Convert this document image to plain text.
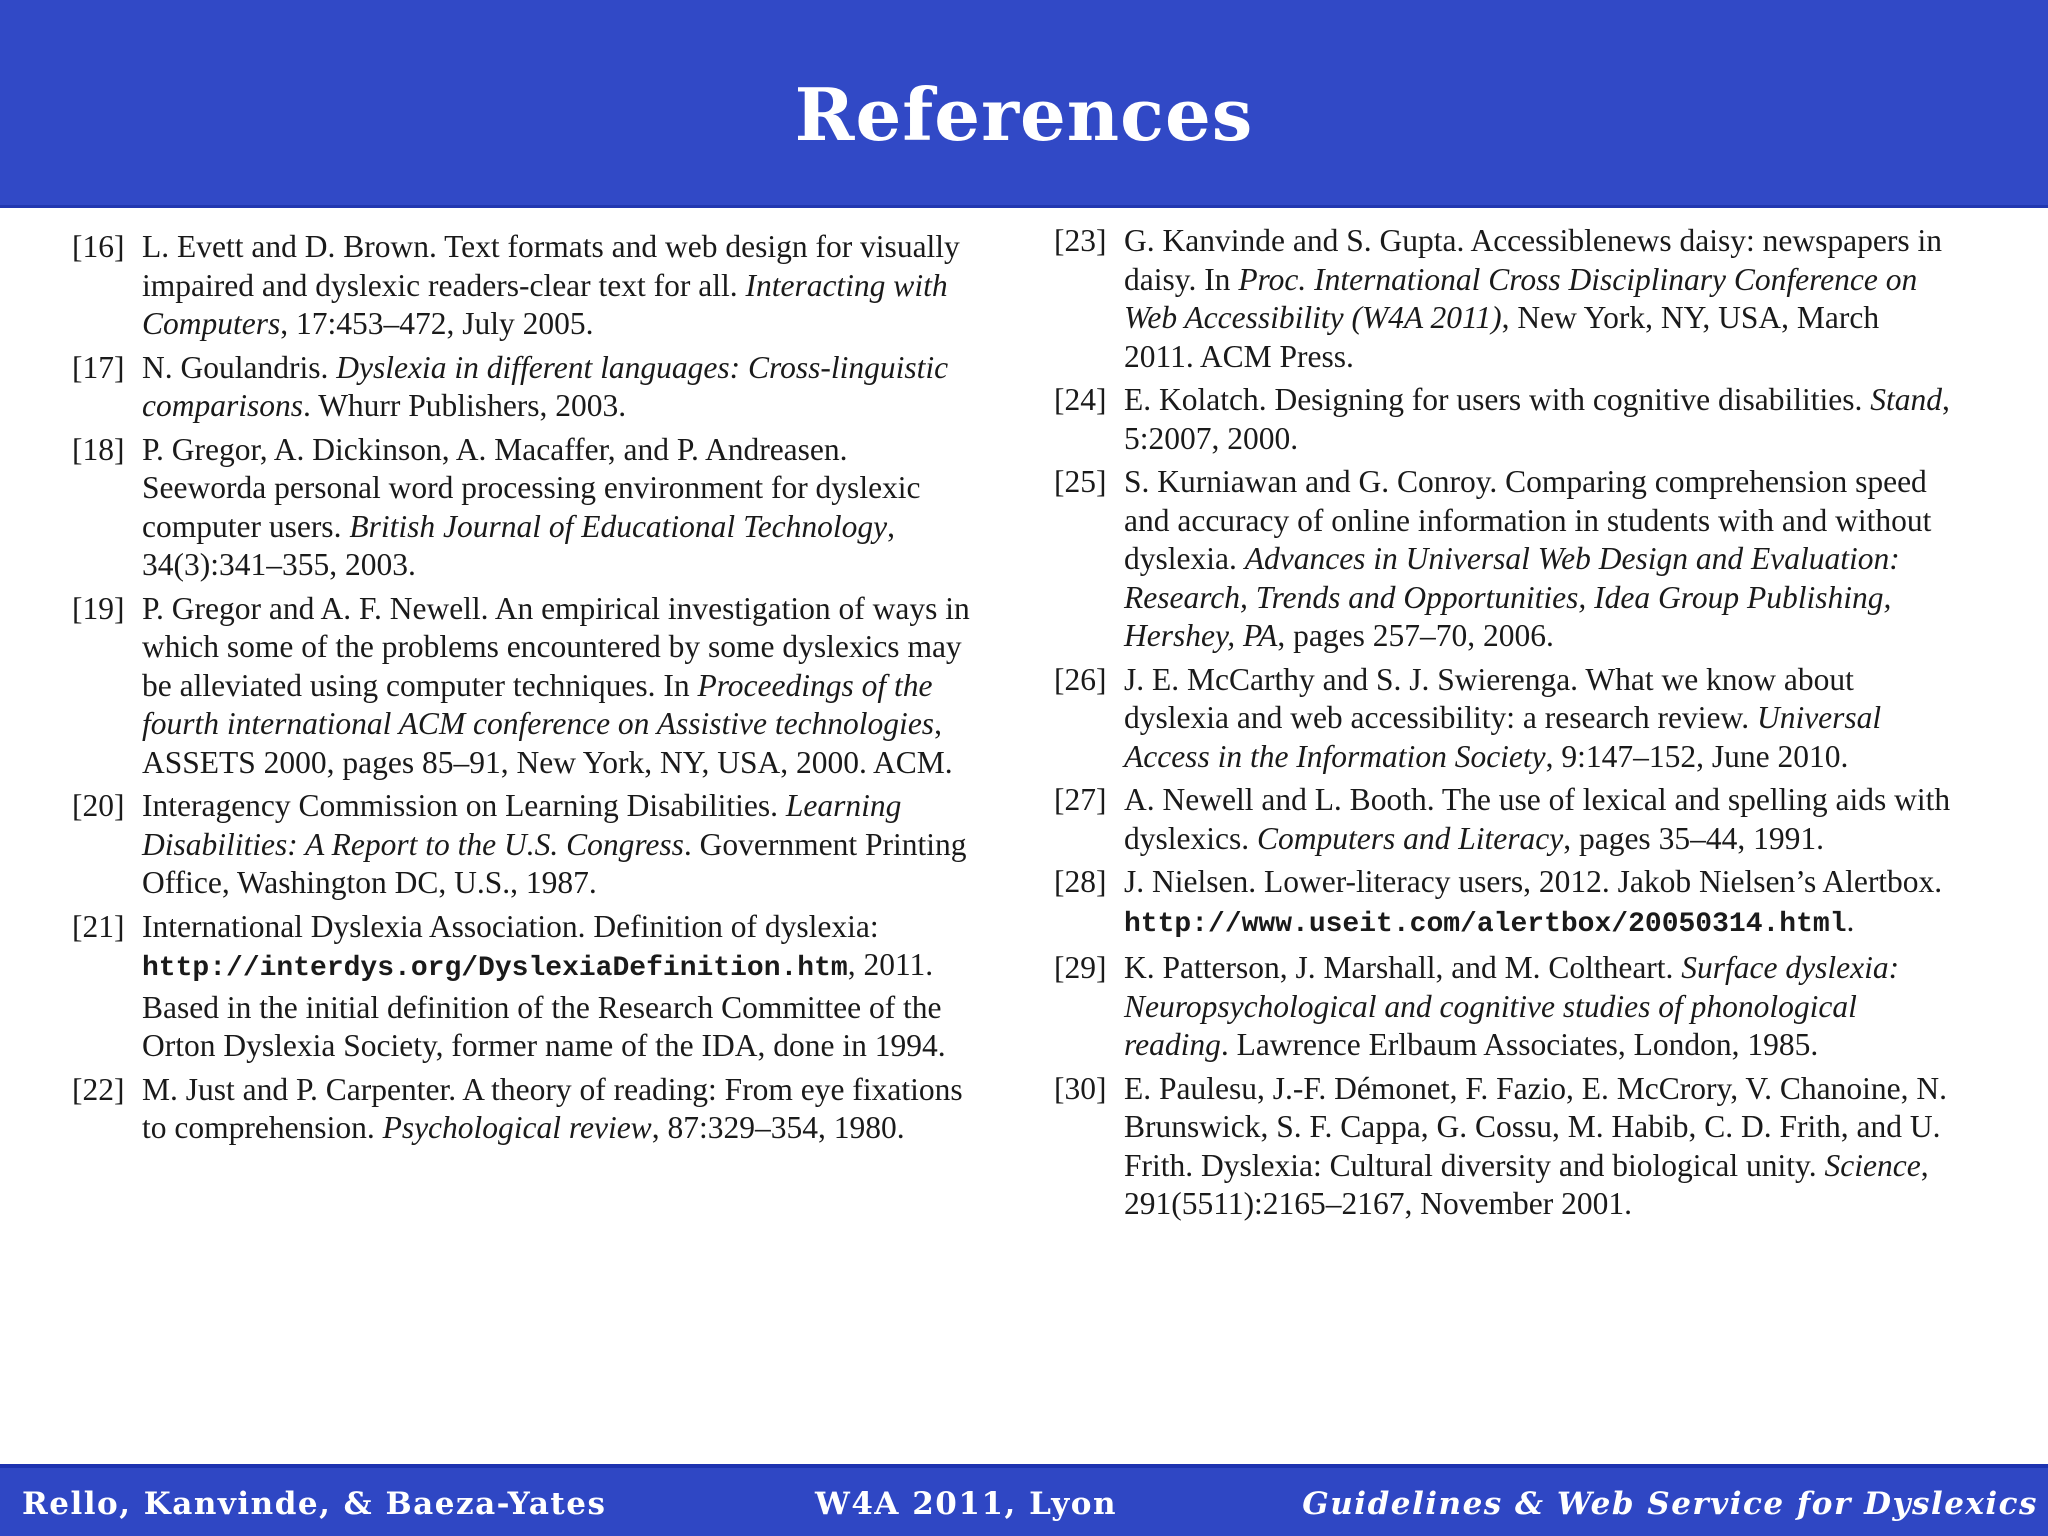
References
[16] L. Evett and D. Brown. Text formats and web design for visually impaired and dyslexic readers-clear text for all. Interacting with Computers, 17:453–472, July 2005.
[17] N. Goulandris. Dyslexia in different languages: Cross-linguistic comparisons. Whurr Publishers, 2003.
[18] P. Gregor, A. Dickinson, A. Macaffer, and P. Andreasen. Seeworda personal word processing environment for dyslexic computer users. British Journal of Educational Technology, 34(3):341–355, 2003.
[19] P. Gregor and A. F. Newell. An empirical investigation of ways in which some of the problems encountered by some dyslexics may be alleviated using computer techniques. In Proceedings of the fourth international ACM conference on Assistive technologies, ASSETS 2000, pages 85–91, New York, NY, USA, 2000. ACM.
[20] Interagency Commission on Learning Disabilities. Learning Disabilities: A Report to the U.S. Congress. Government Printing Office, Washington DC, U.S., 1987.
[21] International Dyslexia Association. Definition of dyslexia: http://interdys.org/DyslexiaDefinition.htm, 2011. Based in the initial definition of the Research Committee of the Orton Dyslexia Society, former name of the IDA, done in 1994.
[22] M. Just and P. Carpenter. A theory of reading: From eye fixations to comprehension. Psychological review, 87:329–354, 1980.
[23] G. Kanvinde and S. Gupta. Accessiblenews daisy: newspapers in daisy. In Proc. International Cross Disciplinary Conference on Web Accessibility (W4A 2011), New York, NY, USA, March 2011. ACM Press.
[24] E. Kolatch. Designing for users with cognitive disabilities. Stand, 5:2007, 2000.
[25] S. Kurniawan and G. Conroy. Comparing comprehension speed and accuracy of online information in students with and without dyslexia. Advances in Universal Web Design and Evaluation: Research, Trends and Opportunities, Idea Group Publishing, Hershey, PA, pages 257–70, 2006.
[26] J. E. McCarthy and S. J. Swierenga. What we know about dyslexia and web accessibility: a research review. Universal Access in the Information Society, 9:147–152, June 2010.
[27] A. Newell and L. Booth. The use of lexical and spelling aids with dyslexics. Computers and Literacy, pages 35–44, 1991.
[28] J. Nielsen. Lower-literacy users, 2012. Jakob Nielsen’s Alertbox. http://www.useit.com/alertbox/20050314.html.
[29] K. Patterson, J. Marshall, and M. Coltheart. Surface dyslexia: Neuropsychological and cognitive studies of phonological reading. Lawrence Erlbaum Associates, London, 1985.
[30] E. Paulesu, J.-F. Démonet, F. Fazio, E. McCrory, V. Chanoine, N. Brunswick, S. F. Cappa, G. Cossu, M. Habib, C. D. Frith, and U. Frith. Dyslexia: Cultural diversity and biological unity. Science, 291(5511):2165–2167, November 2001.
Rello, Kanvinde, & Baeza-Yates	W4A 2011, Lyon	Guidelines & Web Service for Dyslexics
